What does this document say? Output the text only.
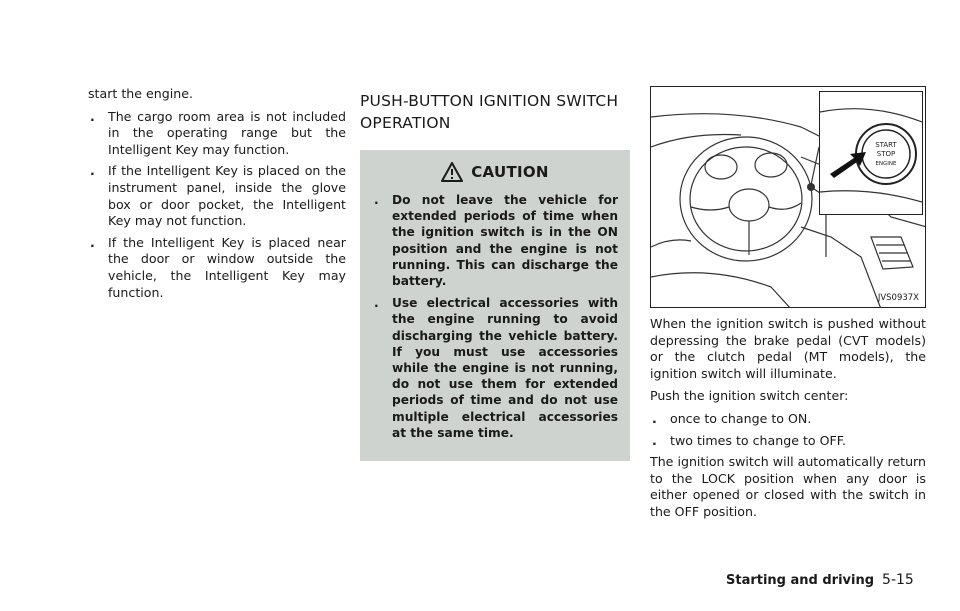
start the engine.

. The cargo room area is not included in the operating range but the Intelligent Key may function.
. If the Intelligent Key is placed on the instrument panel, inside the glove box or door pocket, the Intelligent Key may not function.
. If the Intelligent Key is placed near the door or window outside the vehicle, the Intelligent Key may function.
PUSH-BUTTON IGNITION SWITCH
OPERATION
CAUTION
. Do not leave the vehicle for extended periods of time when the ignition switch is in the ON position and the engine is not running. This can discharge the battery.
. Use electrical accessories with the engine running to avoid discharging the vehicle battery. If you must use accessories while the engine is not running, do not use them for extended periods of time and do not use multiple electrical accessories at the same time.
START
STOP
ENGINE
JVS0937X

When the ignition switch is pushed without depressing the brake pedal (CVT models) or the clutch pedal (MT models), the ignition switch will illuminate.

Push the ignition switch center:

. once to change to ON.
. two times to change to OFF.

The ignition switch will automatically return to the LOCK position when any door is either opened or closed with the switch in the OFF position.

Starting and driving 5-15
